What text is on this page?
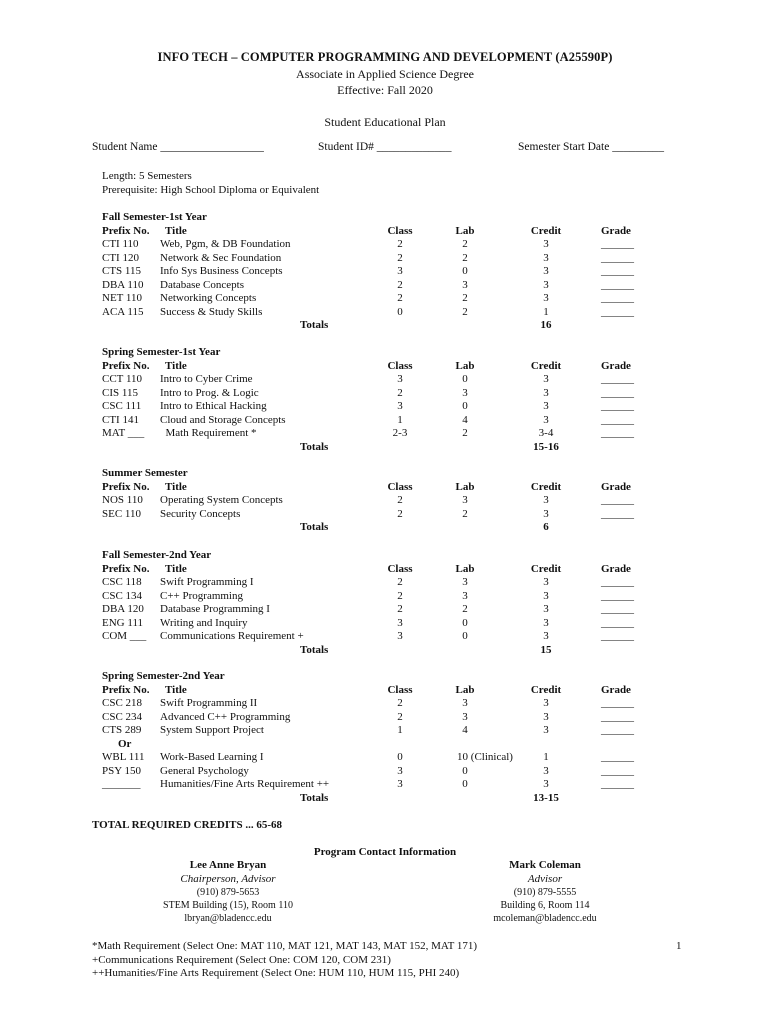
INFO TECH – COMPUTER PROGRAMMING AND DEVELOPMENT (A25590P)
Associate in Applied Science Degree
Effective: Fall 2020
Student Educational Plan
Student Name __________________	Student ID# _____________	Semester Start Date _________
Length: 5 Semesters
Prerequisite: High School Diploma or Equivalent
Fall Semester-1st Year
Prefix No. Title	Class	Lab	Credit	Grade
CTI 110 Web, Pgm, & DB Foundation	2	2	3	______
CTI 120 Network & Sec Foundation	2	2	3	______
CTS 115 Info Sys Business Concepts	3	0	3	______
DBA 110 Database Concepts	2	3	3	______
NET 110 Networking Concepts	2	2	3	______
ACA 115 Success & Study Skills	0	2	1	______
Totals	16
Spring Semester-1st Year
Prefix No. Title	Class	Lab	Credit	Grade
CCT 110 Intro to Cyber Crime	3	0	3	______
CIS 115 Intro to Prog. & Logic	2	3	3	______
CSC 111 Intro to Ethical Hacking	3	0	3	______
CTI 141 Cloud and Storage Concepts	1	4	3	______
MAT ___ Math Requirement *	2-3	2	3-4	______
Totals	15-16
Summer Semester
Prefix No. Title	Class	Lab	Credit	Grade
NOS 110 Operating System Concepts	2	3	3	______
SEC 110 Security Concepts	2	2	3	______
Totals	6
Fall Semester-2nd Year
Prefix No. Title	Class	Lab	Credit	Grade
CSC 118 Swift Programming I	2	3	3	______
CSC 134 C++ Programming	2	3	3	______
DBA 120 Database Programming I	2	2	3	______
ENG 111 Writing and Inquiry	3	0	3	______
COM ___ Communications Requirement +	3	0	3	______
Totals	15
Spring Semester-2nd Year
Prefix No. Title	Class	Lab	Credit	Grade
CSC 218 Swift Programming II	2	3	3	______
CSC 234 Advanced C++ Programming	2	3	3	______
CTS 289 System Support Project	1	4	3	______
Or
WBL 111 Work-Based Learning I	0	10 (Clinical)	1	______
PSY 150 General Psychology	3	0	3	______
_______ Humanities/Fine Arts Requirement ++	3	0	3	______
Totals	13-15
TOTAL REQUIRED CREDITS ... 65-68
Program Contact Information
Lee Anne Bryan
Chairperson, Advisor
(910) 879-5653
STEM Building (15), Room 110
lbryan@bladencc.edu
Mark Coleman
Advisor
(910) 879-5555
Building 6, Room 114
mcoleman@bladencc.edu
*Math Requirement (Select One: MAT 110, MAT 121, MAT 143, MAT 152, MAT 171)
+Communications Requirement (Select One: COM 120, COM 231)
++Humanities/Fine Arts Requirement (Select One: HUM 110, HUM 115, PHI 240)
1
